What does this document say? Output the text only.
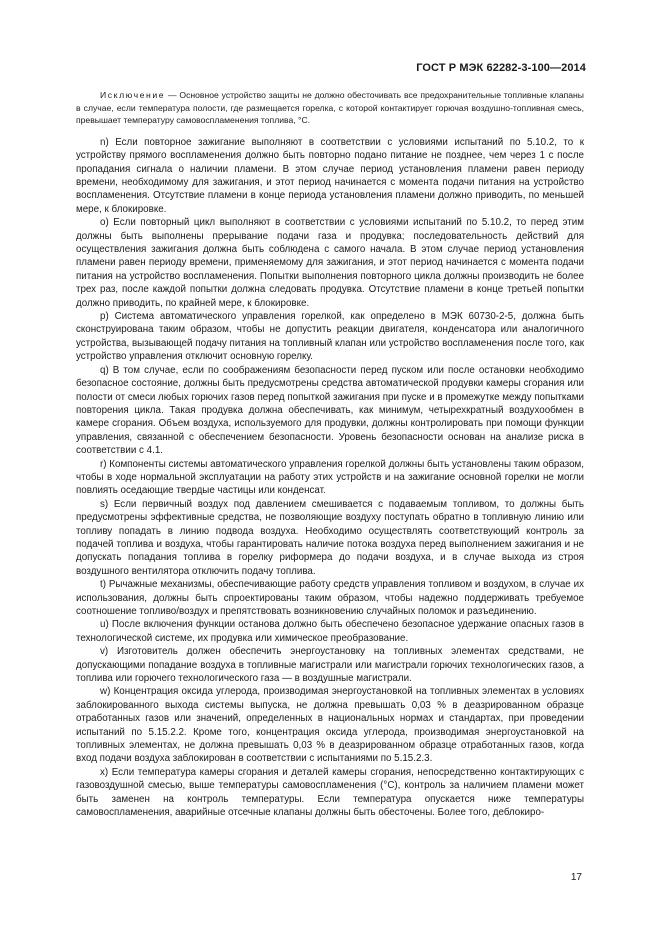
ГОСТ Р МЭК 62282-3-100—2014

Исключение — Основное устройство защиты не должно обесточивать все предохранительные топливные клапаны в случае, если температура полости, где размещается горелка, с которой контактирует горючая воздушно-топливная смесь, превышает температуру самовоспламенения топлива, °С.

n) Если повторное зажигание выполняют в соответствии с условиями испытаний по 5.10.2, то к устройству прямого воспламенения должно быть повторно подано питание не позднее, чем через 1 с после пропадания сигнала о наличии пламени. В этом случае период установления пламени равен периоду времени, необходимому для зажигания, и этот период начинается с момента подачи питания на устройство воспламенения. Отсутствие пламени в конце периода установления пламени должно приводить, по меньшей мере, к блокировке.

о) Если повторный цикл выполняют в соответствии с условиями испытаний по 5.10.2, то перед этим должны быть выполнены прерывание подачи газа и продувка; последовательность действий для осуществления зажигания должна быть соблюдена с самого начала. В этом случае период установления пламени равен периоду времени, применяемому для зажигания, и этот период начинается с момента подачи питания на устройство воспламенения. Попытки выполнения повторного цикла должны производить не более трех раз, после каждой попытки должна следовать продувка. Отсутствие пламени в конце третьей попытки должно приводить, по крайней мере, к блокировке.

р) Система автоматического управления горелкой, как определено в МЭК 60730-2-5, должна быть сконструирована таким образом, чтобы не допустить реакции двигателя, конденсатора или аналогичного устройства, вызывающей подачу питания на топливный клапан или устройство воспламенения после того, как устройство управления отключит основную горелку.

q) В том случае, если по соображениям безопасности перед пуском или после остановки необходимо безопасное состояние, должны быть предусмотрены средства автоматической продувки камеры сгорания или полости от смеси любых горючих газов перед попыткой зажигания при пуске и в промежутке между попытками повторения цикла. Такая продувка должна обеспечивать, как минимум, четырехкратный воздухообмен в камере сгорания. Объем воздуха, используемого для продувки, должны контролировать при помощи функции управления, связанной с обеспечением безопасности. Уровень безопасности основан на анализе риска в соответствии с 4.1.

r) Компоненты системы автоматического управления горелкой должны быть установлены таким образом, чтобы в ходе нормальной эксплуатации на работу этих устройств и на зажигание основной горелки не могли повлиять оседающие твердые частицы или конденсат.

s) Если первичный воздух под давлением смешивается с подаваемым топливом, то должны быть предусмотрены эффективные средства, не позволяющие воздуху поступать обратно в топливную линию или топливу попадать в линию подвода воздуха. Необходимо осуществлять соответствующий контроль за подачей топлива и воздуха, чтобы гарантировать наличие потока воздуха перед выполнением зажигания и не допускать попадания топлива в горелку риформера до подачи воздуха, и в случае выхода из строя воздушного вентилятора отключить подачу топлива.

t) Рычажные механизмы, обеспечивающие работу средств управления топливом и воздухом, в случае их использования, должны быть спроектированы таким образом, чтобы надежно поддерживать требуемое соотношение топливо/воздух и препятствовать возникновению случайных поломок и разъединению.

u) После включения функции останова должно быть обеспечено безопасное удержание опасных газов в технологической системе, их продувка или химическое преобразование.

v) Изготовитель должен обеспечить энергоустановку на топливных элементах средствами, не допускающими попадание воздуха в топливные магистрали или магистрали горючих технологических газов, а топлива или горючего технологического газа — в воздушные магистрали.

w) Концентрация оксида углерода, производимая энергоустановкой на топливных элементах в условиях заблокированного выхода системы выпуска, не должна превышать 0,03 % в деазрированном образце отработанных газов или значений, определенных в национальных нормах и стандартах, при проведении испытаний по 5.15.2.2. Кроме того, концентрация оксида углерода, производимая энергоустановкой на топливных элементах, не должна превышать 0,03 % в деазрированном образце отработанных газов, когда вход подачи воздуха заблокирован в соответствии с испытаниями по 5.15.2.3.

х) Если температура камеры сгорания и деталей камеры сгорания, непосредственно контактирующих с газовоздушной смесью, выше температуры самовоспламенения (°С), контроль за наличием пламени может быть заменен на контроль температуры. Если температура опускается ниже температуры самовоспламенения, аварийные отсечные клапаны должны быть обесточены. Более того, деблокиро-

17
